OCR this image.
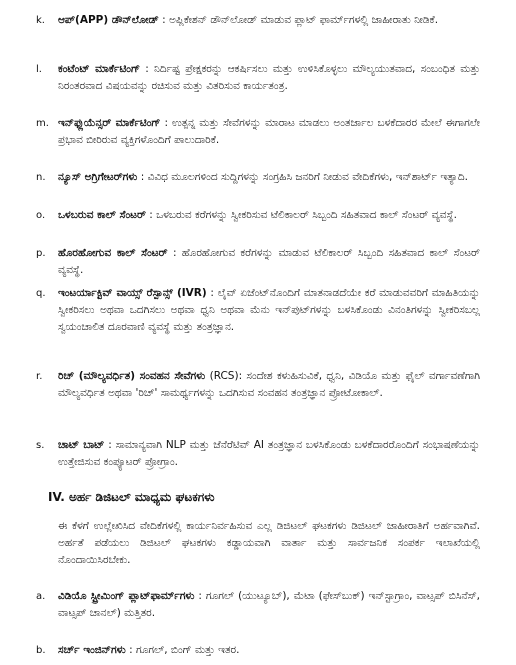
k.	ಆಪ್(APP) ಡೌನ್‌ಲೋಡ್ : ಅಪ್ಲಿಕೇಶನ್ ಡೌನ್‌ಲೋಡ್ ಮಾಡುವ ಪ್ಲಾಟ್ ಫಾರ್ಮ್‌ಗಳಲ್ಲಿ ಜಾಹೀರಾತು ನೀಡಿಕೆ.
l.	ಕಂಟೆಂಟ್ ಮಾರ್ಕೆಟಿಂಗ್ : ನಿರ್ದಿಷ್ಟ ಪ್ರೇಕ್ಷಕರನ್ನು ಆಕರ್ಷಿಸಲು ಮತ್ತು ಉಳಿಸಿಕೊಳ್ಳಲು ಮೌಲ್ಯಯುತವಾದ, ಸಂಬಂಧಿತ ಮತ್ತು ನಿರಂತರವಾದ ವಿಷಯವನ್ನು ರಚಿಸುವ ಮತ್ತು ವಿತರಿಸುವ ಕಾರ್ಯತಂತ್ರ.
m. ಇನ್‌ಫ್ಲುಯೆನ್ಸರ್ ಮಾರ್ಕೆಟಿಂಗ್ : ಉತ್ಪನ್ನ ಮತ್ತು ಸೇವೆಗಳನ್ನು ಮಾರಾಟ ಮಾಡಲು ಅಂತರ್ಜಾಲ ಬಳಕೆದಾರರ ಮೇಲೆ ಈಗಾಗಲೇ ಪ್ರಭಾವ ಬೀರಿರುವ ವ್ಯಕ್ತಿಗಳೊಂದಿಗೆ ಪಾಲುದಾರಿಕೆ.
n.	ನ್ಯೂಸ್ ಅಗ್ರಿಗೇಟರ್‌ಗಳು : ವಿವಿಧ ಮೂಲಗಳಿಂದ ಸುದ್ದಿಗಳನ್ನು ಸಂಗ್ರಹಿಸಿ ಜನರಿಗೆ ನೀಡುವ ವೇದಿಕೆಗಳು, ಇನ್‌ಶಾರ್ಟ್ ಇತ್ಯಾದಿ.
o.	ಒಳಬರುವ ಕಾಲ್ ಸೆಂಟರ್ : ಒಳಬರುವ ಕರೆಗಳನ್ನು ಸ್ವೀಕರಿಸುವ ಟೆಲಿಕಾಲರ್ ಸಿಬ್ಬಂದಿ ಸಹಿತವಾದ ಕಾಲ್ ಸೆಂಟರ್ ವ್ಯವಸ್ಥೆ.
p.	ಹೊರಹೋಗುವ ಕಾಲ್ ಸೆಂಟರ್ : ಹೊರಹೋಗುವ ಕರೆಗಳನ್ನು ಮಾಡುವ ಟೆಲಿಕಾಲರ್ ಸಿಬ್ಬಂದಿ ಸಹಿತವಾದ ಕಾಲ್ ಸೆಂಟರ್ ವ್ಯವಸ್ಥೆ.
q.	ಇಂಟರ್ಯಾಕ್ಟಿವ್ ವಾಯ್ಸ್ ರೆಸ್ಪಾನ್ಸ್ (IVR) : ಲೈವ್ ಏಜೆಂಟ್‌ನೊಂದಿಗೆ ಮಾತನಾಡದೆಯೇ ಕರೆ ಮಾಡುವವರಿಗೆ ಮಾಹಿತಿಯನ್ನು ಸ್ವೀಕರಿಸಲು ಅಥವಾ ಒದಗಿಸಲು ಅಥವಾ ಧ್ವನಿ ಅಥವಾ ಮೆನು ಇನ್‌ಪುಟ್‌ಗಳನ್ನು ಬಳಸಿಕೊಂಡು ವಿನಂತಿಗಳನ್ನು ಸ್ವೀಕರಿಸಬಲ್ಲ ಸ್ವಯಂಚಾಲಿತ ದೂರವಾಣಿ ವ್ಯವಸ್ಥೆ ಮತ್ತು ತಂತ್ರಜ್ಞಾನ.
r.	ರಿಚ್ (ಮೌಲ್ಯವರ್ಧಿತ) ಸಂವಹನ ಸೇವೆಗಳು (RCS): ಸಂದೇಶ ಕಳುಹಿಸುವಿಕೆ, ಧ್ವನಿ, ವಿಡಿಯೊ ಮತ್ತು ಫೈಲ್ ವರ್ಗಾವಣೆಗಾಗಿ ಮೌಲ್ಯವರ್ಧಿತ ಅಥವಾ 'ರಿಚ್' ಸಾಮರ್ಥ್ಯಗಳನ್ನು ಒದಗಿಸುವ ಸಂವಹನ ತಂತ್ರಜ್ಞಾನ ಪ್ರೋಟೋಕಾಲ್.
s.	ಚಾಟ್ ಬಾಟ್ : ಸಾಮಾನ್ಯವಾಗಿ NLP ಮತ್ತು ಜೆನೆರೆಟಿವ್ AI ತಂತ್ರಜ್ಞಾನ ಬಳಸಿಕೊಂಡು ಬಳಕೆದಾರರೊಂದಿಗೆ ಸಂಭಾಷಣೆಯನ್ನು ಉತ್ತೇಜಿಸುವ ಕಂಪ್ಯೂಟರ್ ಪ್ರೋಗ್ರಾಂ.
IV. ಅರ್ಹ ಡಿಜಿಟಲ್ ಮಾಧ್ಯಮ ಘಟಕಗಳು
ಈ ಕೆಳಗೆ ಉಲ್ಲೇಖಿಸಿದ ವೇದಿಕೆಗಳಲ್ಲಿ ಕಾರ್ಯನಿರ್ವಹಿಸುವ ಎಲ್ಲ ಡಿಜಿಟಲ್ ಘಟಕಗಳು ಡಿಜಿಟಲ್ ಜಾಹೀರಾತಿಗೆ ಅರ್ಹವಾಗಿವೆ. ಅರ್ಹತೆ ಪಡೆಯಲು ಡಿಜಿಟಲ್ ಘಟಕಗಳು ಕಡ್ಡಾಯವಾಗಿ ವಾರ್ತಾ ಮತ್ತು ಸಾರ್ವಜನಿಕ ಸಂಪರ್ಕ ಇಲಾಖೆಯಲ್ಲಿ ನೊಂದಾಯಿಸಿರಬೇಕು.
a.	ವಿಡಿಯೊ ಸ್ಟ್ರೀಮಿಂಗ್ ಪ್ಲಾಟ್‌ಫಾರ್ಮ್‌ಗಳು : ಗೂಗಲ್ (ಯುಟ್ಯೂಬ್), ಮೆಟಾ (ಫೇಸ್‌ಬುಕ್) ಇನ್‌ಸ್ಟಾಗ್ರಾಂ, ವಾಟ್ಸಪ್ ಬಿಸಿನೆಸ್, ವಾಟ್ಸಪ್ ಚಾನಲ್) ಮತ್ತಿತರ.
b.	ಸರ್ಚ್ ಇಂಜಿನ್‌ಗಳು : ಗೂಗಲ್, ಬಿಂಗ್ ಮತ್ತು ಇತರ.
